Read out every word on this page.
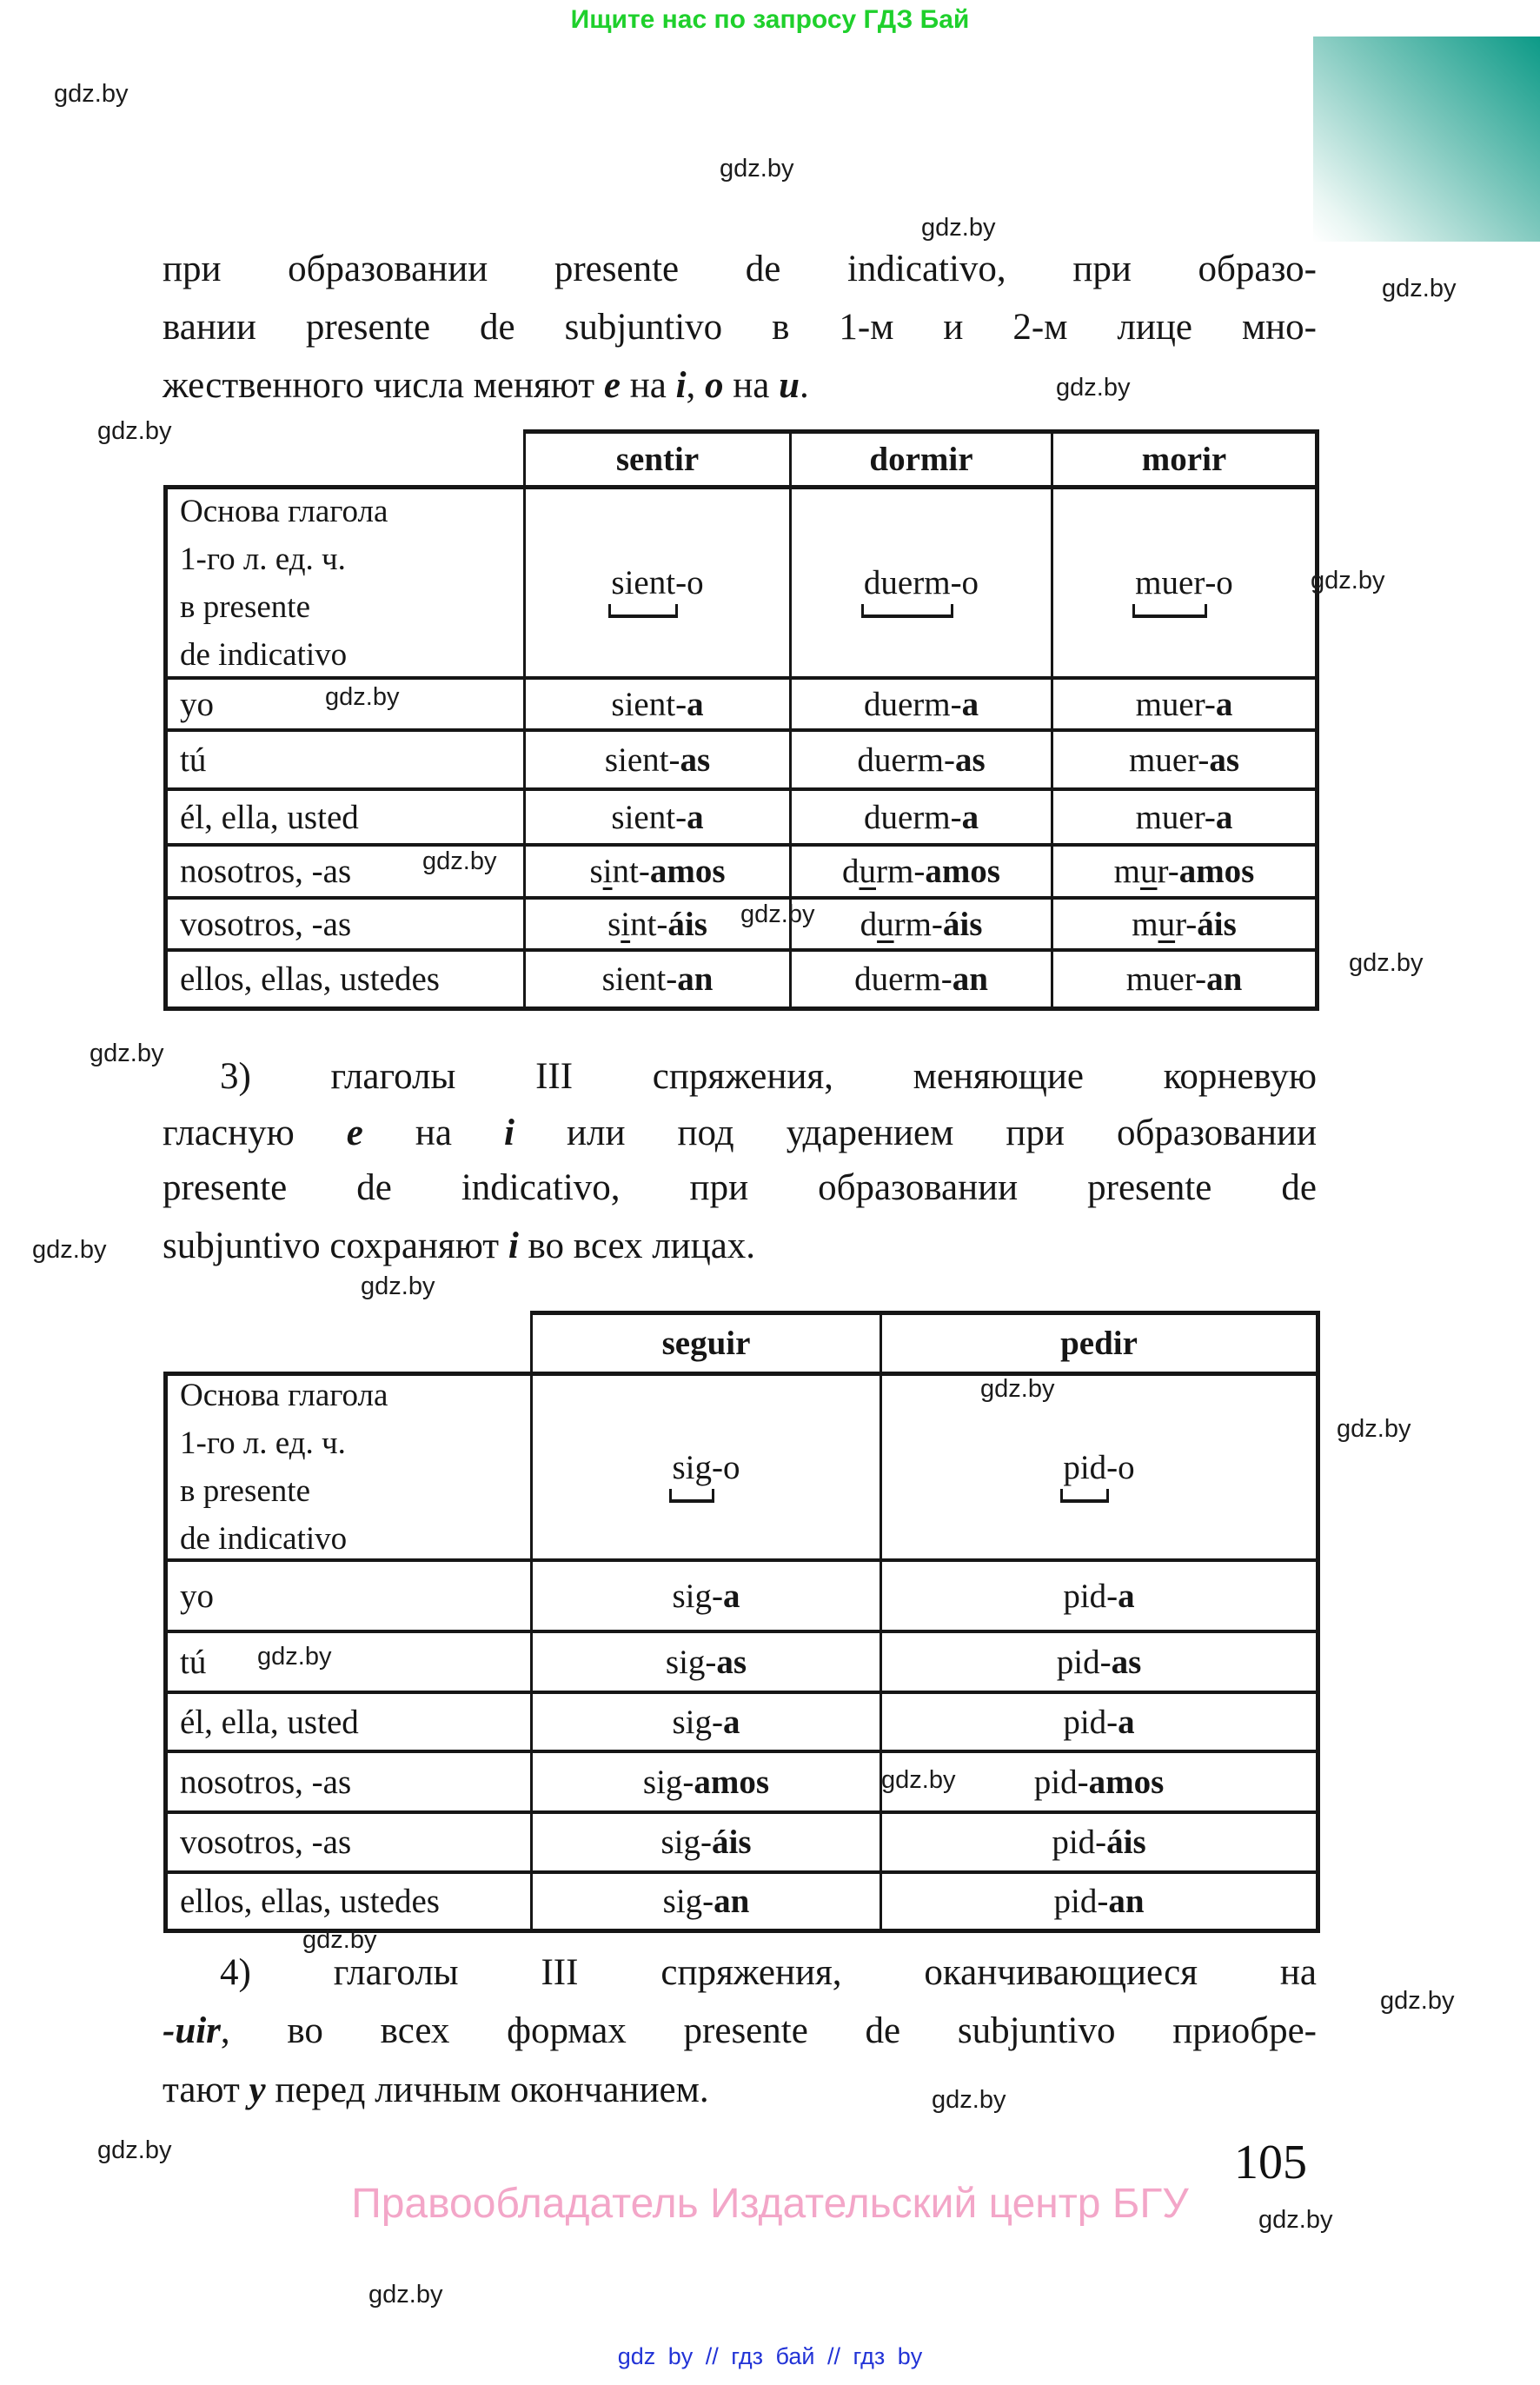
Ищите нас по запросу ГДЗ Бай
при образовании presente de indicativo, при образо-
вании presente de subjuntivo в 1-м и 2-м лице мно-
жественного числа меняют e на i, o на u.
sentir	dormir	morir
Основа глагола
1-го л. ед. ч.
в presente
de indicativo
sient-o	duerm-o	muer-o
yo	sient- a	duerm- a	muer- a
tú	sient- as	duerm- as	muer- as
él, ella, usted	sient- a	duerm- a	muer- a
nosotros, -as	s i nt- amos	d u rm- amos	m u r- amos
vosotros, -as	s i nt- áis	d u rm- áis	m u r- áis
ellos, ellas, ustedes	sient- an	duerm- an	muer- an
3) глаголы III спряжения, меняющие корневую
гласную e на i или под ударением при образовании
presente de indicativo, при образовании presente de
subjuntivo сохраняют i во всех лицах.
seguir	pedir
Основа глагола
1-го л. ед. ч.
в presente
de indicativo
sig-o	pid-o
yo	sig- a	pid- a
tú	sig- as	pid- as
él, ella, usted	sig- a	pid- a
nosotros, -as	sig- amos	pid- amos
vosotros, -as	sig- áis	pid- áis
ellos, ellas, ustedes	sig- an	pid- an
4) глаголы III спряжения, оканчивающиеся на
-uir, во всех формах presente de subjuntivo приобре-
тают y перед личным окончанием.
105
Правообладатель Издательский центр БГУ
gdz by // гдз бай // гдз by
gdz.by
gdz.by
gdz.by
gdz.by
gdz.by
gdz.by
gdz.by
gdz.by
gdz.by
gdz.by
gdz.by
gdz.by
gdz.by
gdz.by
gdz.by
gdz.by
gdz.by
gdz.by
gdz.by
gdz.by
gdz.by
gdz.by
gdz.by
gdz.by
